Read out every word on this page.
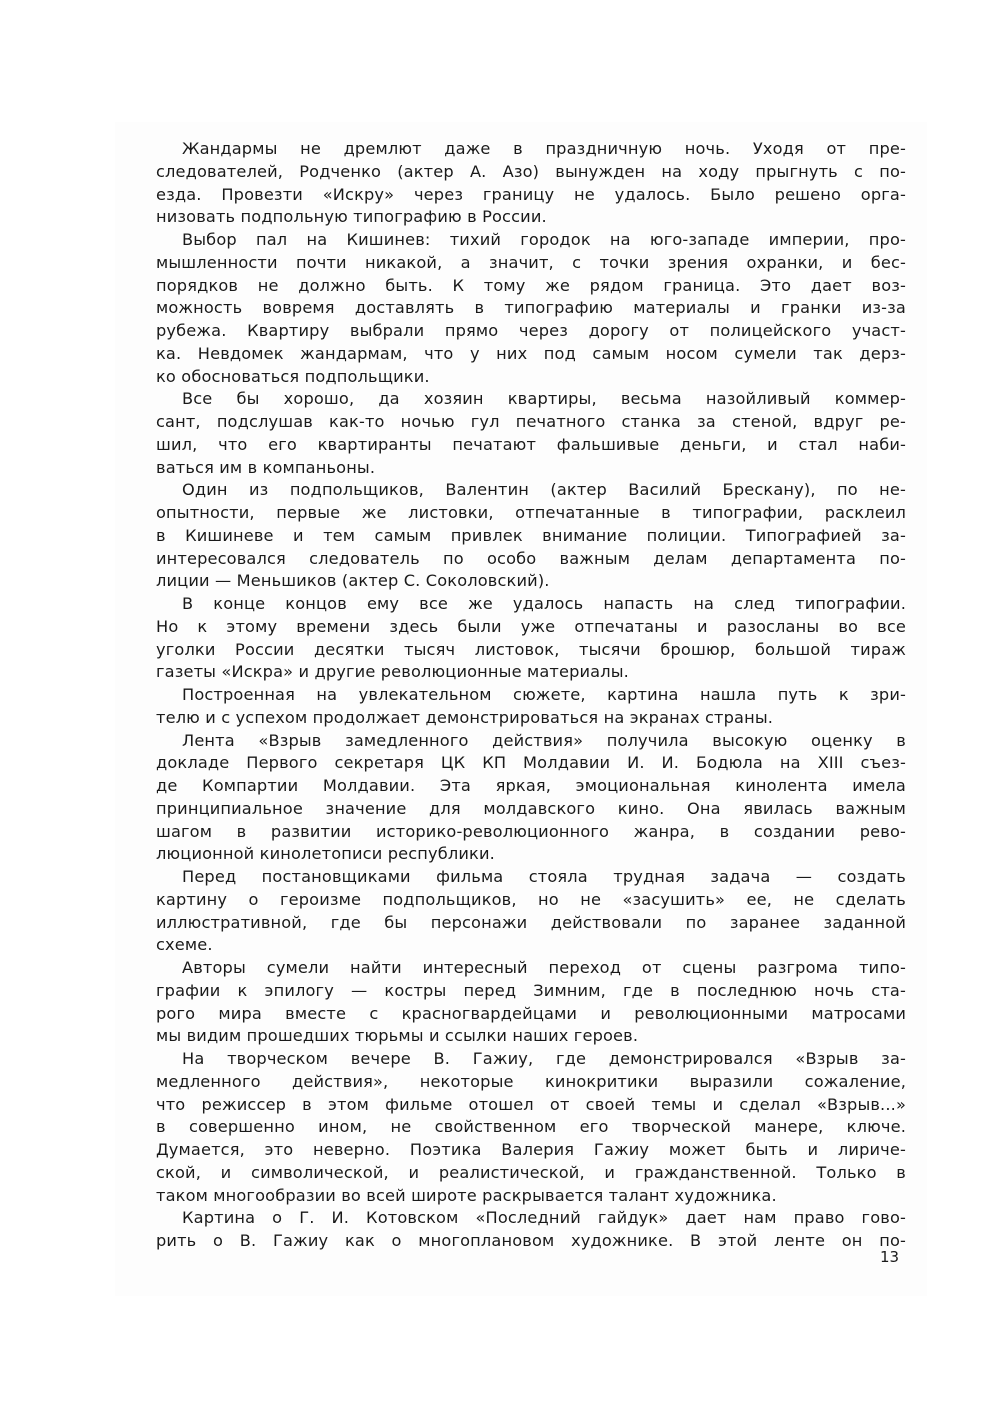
Жандармы не дремлют даже в праздничную ночь. Уходя от пре-
следователей, Родченко (актер А. Азо) вынужден на ходу прыгнуть с по-
езда. Провезти «Искру» через границу не удалось. Было решено орга-
низовать подпольную типографию в России.
Выбор пал на Кишинев: тихий городок на юго-западе империи, про-
мышленности почти никакой, а значит, с точки зрения охранки, и бес-
порядков не должно быть. К тому же рядом граница. Это дает воз-
можность вовремя доставлять в типографию материалы и гранки из-за
рубежа. Квартиру выбрали прямо через дорогу от полицейского участ-
ка. Невдомек жандармам, что у них под самым носом сумели так дерз-
ко обосноваться подпольщики.
Все бы хорошо, да хозяин квартиры, весьма назойливый коммер-
сант, подслушав как-то ночью гул печатного станка за стеной, вдруг ре-
шил, что его квартиранты печатают фальшивые деньги, и стал наби-
ваться им в компаньоны.
Один из подпольщиков, Валентин (актер Василий Брескану), по не-
опытности, первые же листовки, отпечатанные в типографии, расклеил
в Кишиневе и тем самым привлек внимание полиции. Типографией за-
интересовался следователь по особо важным делам департамента по-
лиции — Меньшиков (актер С. Соколовский).
В конце концов ему все же удалось напасть на след типографии.
Но к этому времени здесь были уже отпечатаны и разосланы во все
уголки России десятки тысяч листовок, тысячи брошюр, большой тираж
газеты «Искра» и другие революционные материалы.
Построенная на увлекательном сюжете, картина нашла путь к зри-
телю и с успехом продолжает демонстрироваться на экранах страны.
Лента «Взрыв замедленного действия» получила высокую оценку в
докладе Первого секретаря ЦК КП Молдавии И. И. Бодюла на XIII съез-
де Компартии Молдавии. Эта яркая, эмоциональная кинолента имела
принципиальное значение для молдавского кино. Она явилась важным
шагом в развитии историко-революционного жанра, в создании рево-
люционной кинолетописи республики.
Перед постановщиками фильма стояла трудная задача — создать
картину о героизме подпольщиков, но не «засушить» ее, не сделать
иллюстративной, где бы персонажи действовали по заранее заданной
схеме.
Авторы сумели найти интересный переход от сцены разгрома типо-
графии к эпилогу — костры перед Зимним, где в последнюю ночь ста-
рого мира вместе с красногвардейцами и революционными матросами
мы видим прошедших тюрьмы и ссылки наших героев.
На творческом вечере В. Гажиу, где демонстрировался «Взрыв за-
медленного действия», некоторые кинокритики выразили сожаление,
что режиссер в этом фильме отошел от своей темы и сделал «Взрыв...»
в совершенно ином, не свойственном его творческой манере, ключе.
Думается, это неверно. Поэтика Валерия Гажиу может быть и лириче-
ской, и символической, и реалистической, и гражданственной. Только в
таком многообразии во всей широте раскрывается талант художника.
Картина о Г. И. Котовском «Последний гайдук» дает нам право гово-
рить о В. Гажиу как о многоплановом художнике. В этой ленте он по-
13
